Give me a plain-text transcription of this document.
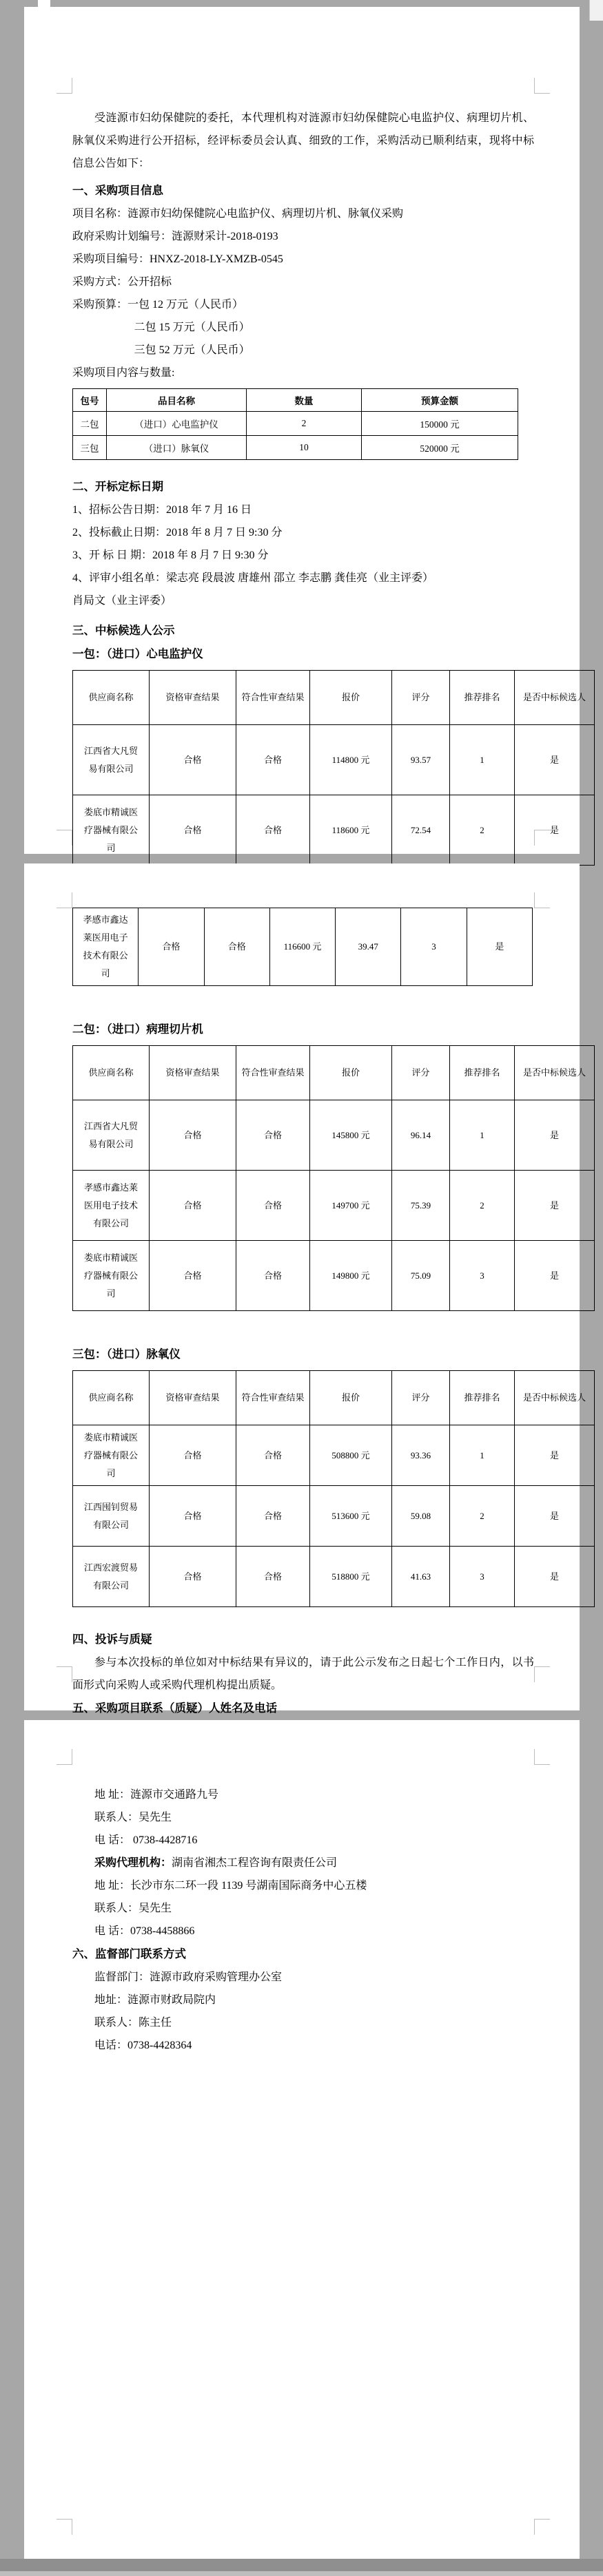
受涟源市妇幼保健院的委托，本代理机构对涟源市妇幼保健院心电监护仪、病理切片机、脉氧仪采购进行公开招标，经评标委员会认真、细致的工作，采购活动已顺利结束，现将中标信息公告如下：
一、采购项目信息
项目名称：涟源市妇幼保健院心电监护仪、病理切片机、脉氧仪采购
政府采购计划编号：涟源财采计-2018-0193
采购项目编号：HNXZ-2018-LY-XMZB-0545
采购方式：公开招标
采购预算：一包 12 万元（人民币）
二包 15 万元（人民币）
三包 52 万元（人民币）
采购项目内容与数量:
包号	品目名称	数量	预算金额
二包	（进口）心电监护仪	2	150000 元
三包	（进口）脉氧仪	10	520000 元
二、开标定标日期
1、招标公告日期：2018 年 7 月 16 日
2、投标截止日期：2018 年 8 月 7 日 9:30 分
3、开 标 日 期：2018 年 8 月 7 日 9:30 分
4、评审小组名单：梁志亮 段晨波 唐雄州 邵立 李志鹏 龚佳亮（业主评委）
肖局文（业主评委）
三、中标候选人公示
一包：（进口）心电监护仪
供应商名称	资格审查结果	符合性审查结果	报价	评分	推荐排名	是否中标候选人
江西省大凡贸易有限公司	合格	合格	114800 元	93.57	1	是
娄底市精诚医疗器械有限公司	合格	合格	118600 元	72.54	2	是
孝感市鑫达莱医用电子技术有限公司	合格	合格	116600 元	39.47	3	是
二包：（进口）病理切片机
供应商名称	资格审查结果	符合性审查结果	报价	评分	推荐排名	是否中标候选人
江西省大凡贸易有限公司	合格	合格	145800 元	96.14	1	是
孝感市鑫达莱医用电子技术有限公司	合格	合格	149700 元	75.39	2	是
娄底市精诚医疗器械有限公司	合格	合格	149800 元	75.09	3	是
三包：（进口）脉氧仪
供应商名称	资格审查结果	符合性审查结果	报价	评分	推荐排名	是否中标候选人
娄底市精诚医疗器械有限公司	合格	合格	508800 元	93.36	1	是
江西囤钊贸易有限公司	合格	合格	513600 元	59.08	2	是
江西宏渡贸易有限公司	合格	合格	518800 元	41.63	3	是
四、投诉与质疑
参与本次投标的单位如对中标结果有异议的，请于此公示发布之日起七个工作日内，以书面形式向采购人或采购代理机构提出质疑。
五、采购项目联系（质疑）人姓名及电话
地 址：涟源市交通路九号
联系人：吴先生
电 话： 0738-4428716
采购代理机构：湖南省湘杰工程咨询有限责任公司
地 址：长沙市东二环一段 1139 号湖南国际商务中心五楼
联系人：吴先生
电 话：0738-4458866
六、监督部门联系方式
监督部门：涟源市政府采购管理办公室
地址：涟源市财政局院内
联系人：陈主任
电话：0738-4428364
